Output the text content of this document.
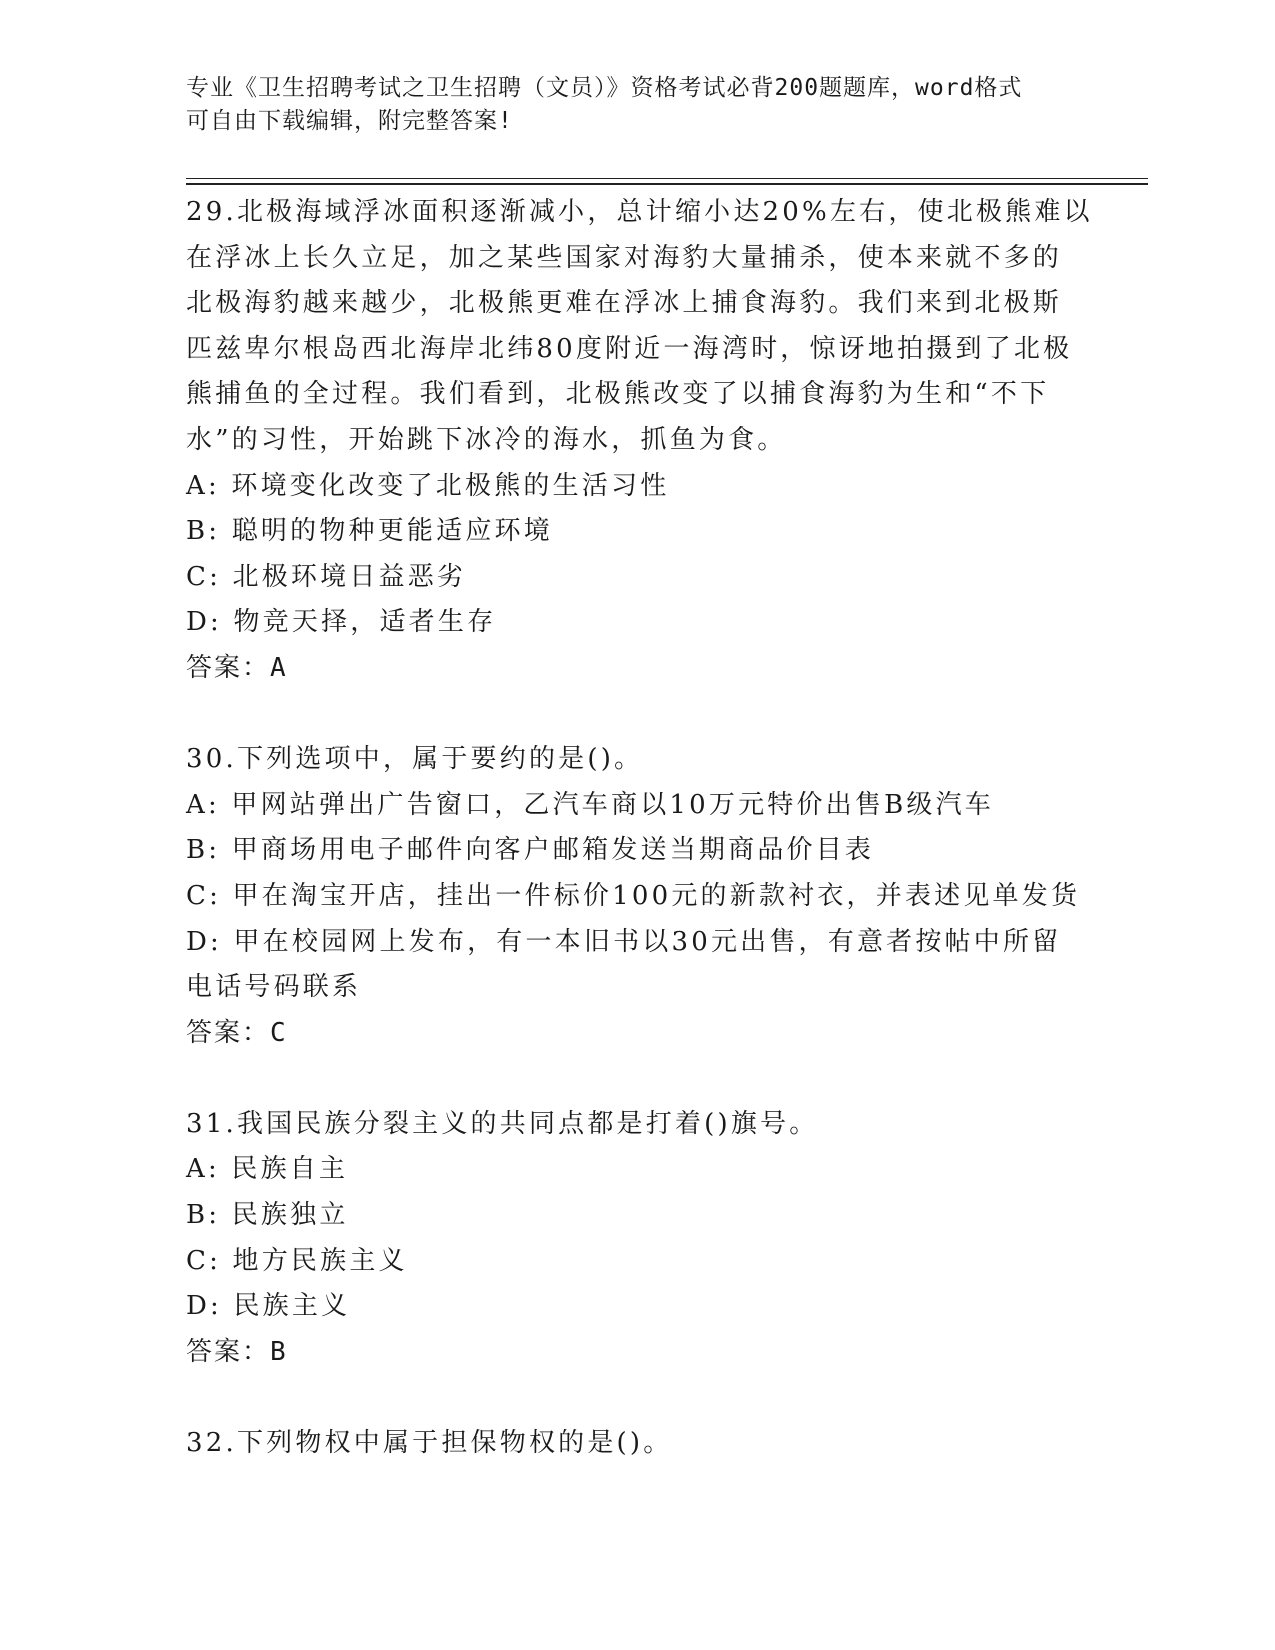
专业《卫生招聘考试之卫生招聘（文员）》资格考试必背200题题库，word格式
可自由下载编辑，附完整答案!
29.北极海域浮冰面积逐渐减小，总计缩小达20%左右，使北极熊难以
在浮冰上长久立足，加之某些国家对海豹大量捕杀，使本来就不多的
北极海豹越来越少，北极熊更难在浮冰上捕食海豹。我们来到北极斯
匹兹卑尔根岛西北海岸北纬80度附近一海湾时，惊讶地拍摄到了北极
熊捕鱼的全过程。我们看到，北极熊改变了以捕食海豹为生和“不下
水”的习性，开始跳下冰冷的海水，抓鱼为食。
A: 环境变化改变了北极熊的生活习性
B: 聪明的物种更能适应环境
C: 北极环境日益恶劣
D: 物竞天择，适者生存
答案：A
30.下列选项中，属于要约的是()。
A: 甲网站弹出广告窗口，乙汽车商以10万元特价出售B级汽车
B: 甲商场用电子邮件向客户邮箱发送当期商品价目表
C: 甲在淘宝开店，挂出一件标价100元的新款衬衣，并表述见单发货
D: 甲在校园网上发布，有一本旧书以30元出售，有意者按帖中所留
电话号码联系
答案：C
31.我国民族分裂主义的共同点都是打着()旗号。
A: 民族自主
B: 民族独立
C: 地方民族主义
D: 民族主义
答案：B
32.下列物权中属于担保物权的是()。
